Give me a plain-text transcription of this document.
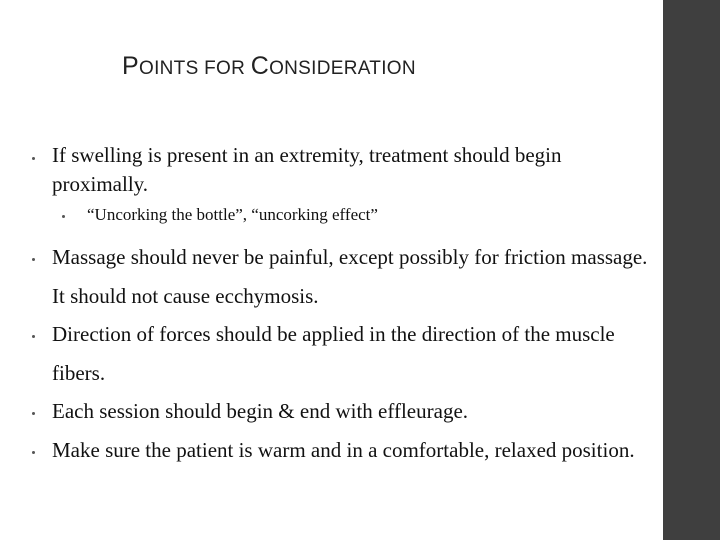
POINTS FOR CONSIDERATION
If swelling is present in an extremity, treatment should begin proximally.
“Uncorking the bottle”, “uncorking effect”
Massage should never be painful, except possibly for friction massage. It should not cause ecchymosis.
Direction of forces should be applied in the direction of the muscle fibers.
Each session should begin & end with effleurage.
Make sure the patient is warm and in a comfortable, relaxed position.
